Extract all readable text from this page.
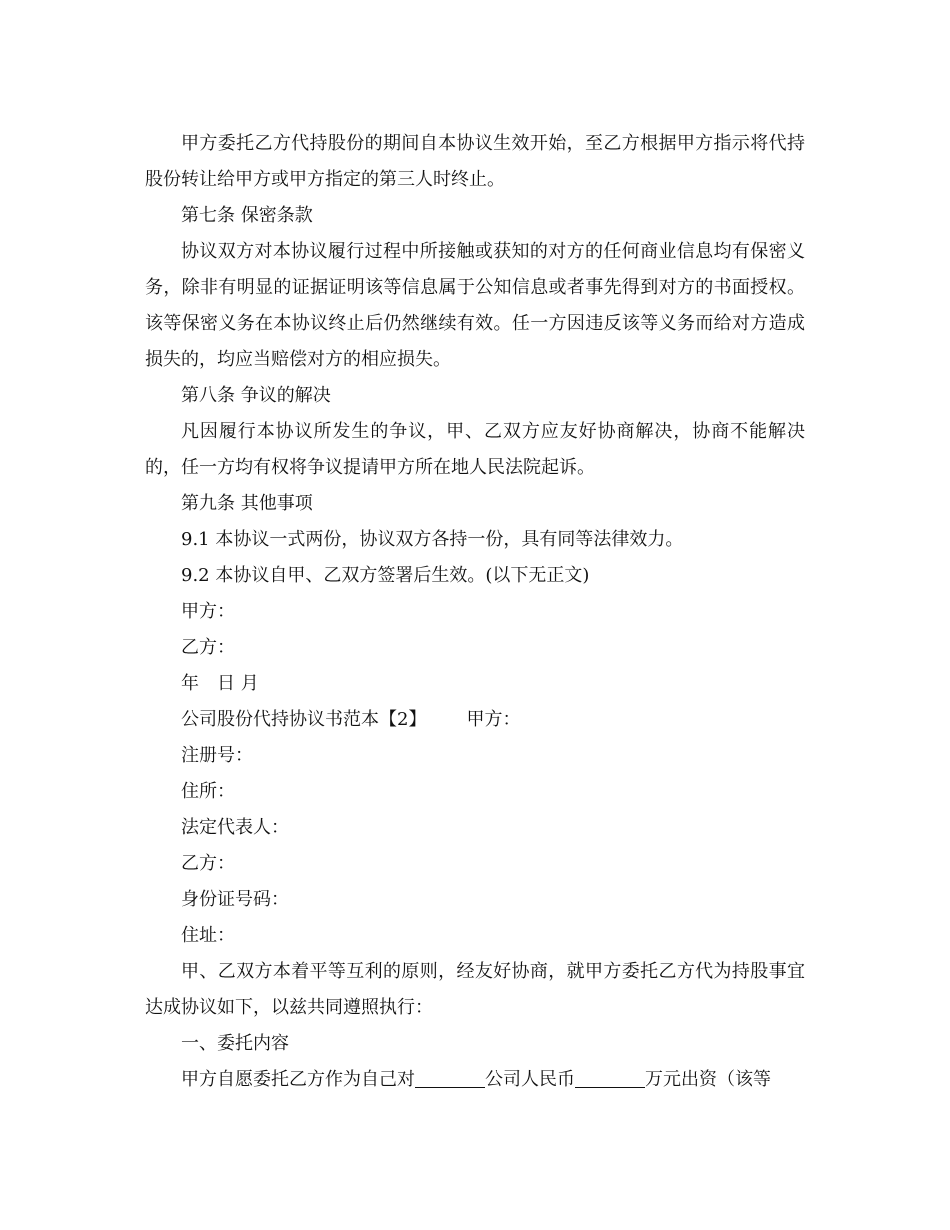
甲方委托乙方代持股份的期间自本协议生效开始，至乙方根据甲方指示将代持股份转让给甲方或甲方指定的第三人时终止。

第七条 保密条款

协议双方对本协议履行过程中所接触或获知的对方的任何商业信息均有保密义务，除非有明显的证据证明该等信息属于公知信息或者事先得到对方的书面授权。该等保密义务在本协议终止后仍然继续有效。任一方因违反该等义务而给对方造成损失的，均应当赔偿对方的相应损失。

第八条 争议的解决

凡因履行本协议所发生的争议，甲、乙双方应友好协商解决，协商不能解决的，任一方均有权将争议提请甲方所在地人民法院起诉。

第九条 其他事项

9.1 本协议一式两份，协议双方各持一份，具有同等法律效力。

9.2 本协议自甲、乙双方签署后生效。(以下无正文)

甲方：

乙方：

年　日 月

公司股份代持协议书范本【2】 甲方：

注册号：

住所：

法定代表人：

乙方：

身份证号码：

住址：

甲、乙双方本着平等互利的原则，经友好协商，就甲方委托乙方代为持股事宜达成协议如下，以兹共同遵照执行：

一、委托内容

甲方自愿委托乙方作为自己对	公司人民币	万元出资（该等
